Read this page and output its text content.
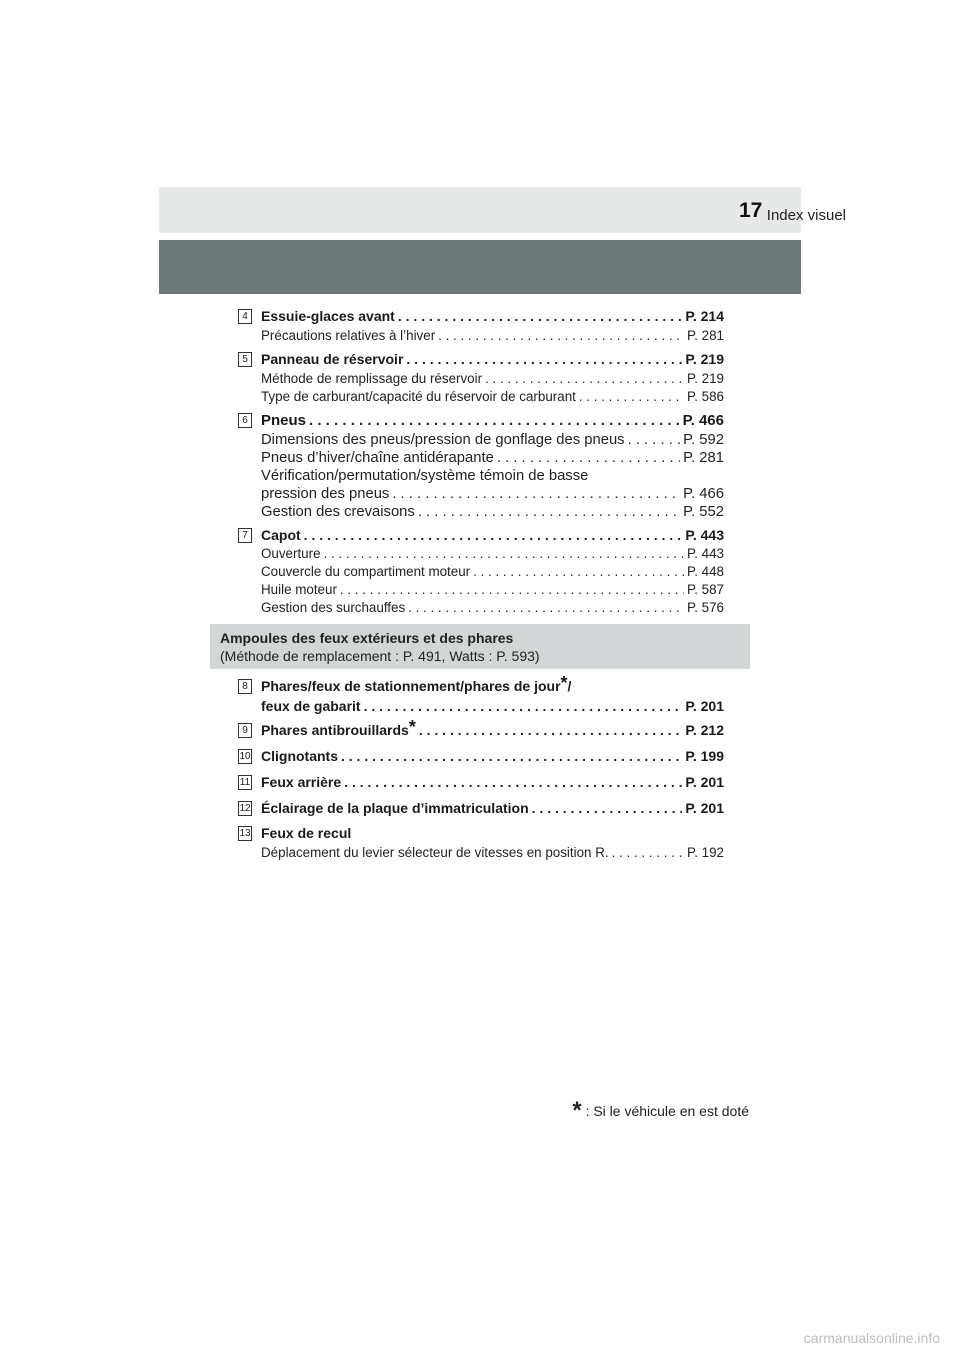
Index visuel
17
4 Essuie-glaces avant . . .	P. 214
Précautions relatives à l’hiver . . .	P. 281
5 Panneau de réservoir . . .	P. 219
Méthode de remplissage du réservoir . . .	P. 219
Type de carburant/capacité du réservoir de carburant . . .	P. 586
6 Pneus . . .	P. 466
Dimensions des pneus/pression de gonflage des pneus . . .	P. 592
Pneus d’hiver/chaîne antidérapante . . .	P. 281
Vérification/permutation/système témoin de basse
pression des pneus . . .	P. 466
Gestion des crevaisons . . .	P. 552
7 Capot . . .	P. 443
Ouverture . . .	P. 443
Couvercle du compartiment moteur . . .	P. 448
Huile moteur . . .	P. 587
Gestion des surchauffes . . .	P. 576
Ampoules des feux extérieurs et des phares
(Méthode de remplacement : P. 491, Watts : P. 593)
8 Phares/feux de stationnement/phares de jour*/
feux de gabarit . . .	P. 201
9 Phares antibrouillards* . . .	P. 212
10 Clignotants . . .	P. 199
11 Feux arrière . . .	P. 201
12 Éclairage de la plaque d’immatriculation . . .	P. 201
13 Feux de recul
Déplacement du levier sélecteur de vitesses en position R. . . .	P. 192
* : Si le véhicule en est doté
carmanualsonline.info
